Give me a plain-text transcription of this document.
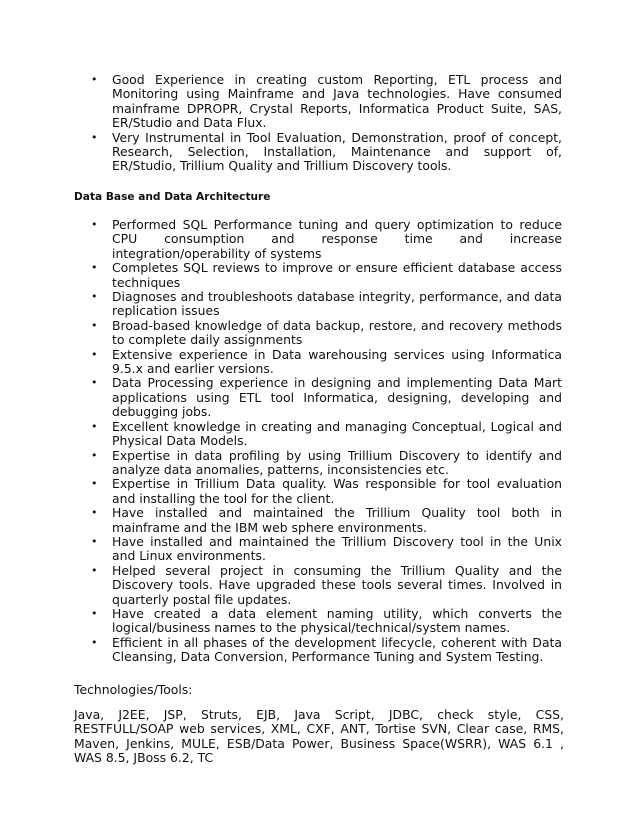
• Good Experience in creating custom Reporting, ETL process and Monitoring using Mainframe and Java technologies. Have consumed mainframe DPROPR, Crystal Reports, Informatica Product Suite, SAS, ER/Studio and Data Flux.
• Very Instrumental in Tool Evaluation, Demonstration, proof of concept, Research, Selection, Installation, Maintenance and support of, ER/Studio, Trillium Quality and Trillium Discovery tools.
Data Base and Data Architecture
• Performed SQL Performance tuning and query optimization to reduce CPU consumption and response time and increase integration/operability of systems
• Completes SQL reviews to improve or ensure efficient database access techniques
• Diagnoses and troubleshoots database integrity, performance, and data replication issues
• Broad-based knowledge of data backup, restore, and recovery methods to complete daily assignments
• Extensive experience in Data warehousing services using Informatica 9.5.x and earlier versions.
• Data Processing experience in designing and implementing Data Mart applications using ETL tool Informatica, designing, developing and debugging jobs.
• Excellent knowledge in creating and managing Conceptual, Logical and Physical Data Models.
• Expertise in data profiling by using Trillium Discovery to identify and analyze data anomalies, patterns, inconsistencies etc.
• Expertise in Trillium Data quality. Was responsible for tool evaluation and installing the tool for the client.
• Have installed and maintained the Trillium Quality tool both in mainframe and the IBM web sphere environments.
• Have installed and maintained the Trillium Discovery tool in the Unix and Linux environments.
• Helped several project in consuming the Trillium Quality and the Discovery tools. Have upgraded these tools several times. Involved in quarterly postal file updates.
• Have created a data element naming utility, which converts the logical/business names to the physical/technical/system names.
• Efficient in all phases of the development lifecycle, coherent with Data Cleansing, Data Conversion, Performance Tuning and System Testing.
Technologies/Tools:
Java, J2EE, JSP, Struts, EJB, Java Script, JDBC, check style, CSS, RESTFULL/SOAP web services, XML, CXF, ANT, Tortise SVN, Clear case, RMS, Maven, Jenkins, MULE, ESB/Data Power, Business Space(WSRR), WAS 6.1 , WAS 8.5, JBoss 6.2, TC
